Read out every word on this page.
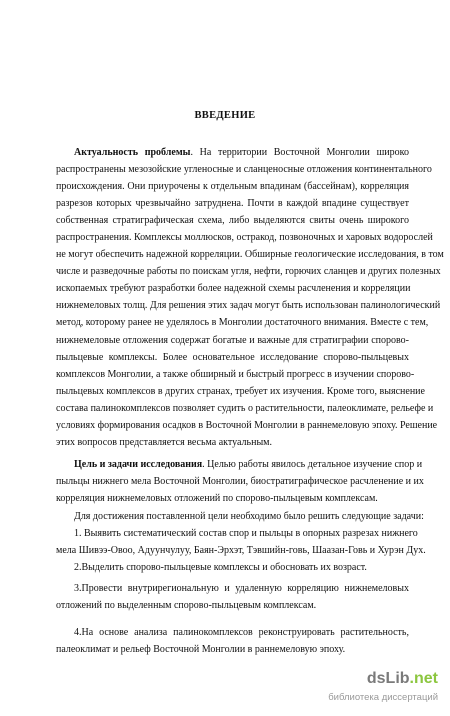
ВВЕДЕНИЕ
Актуальность проблемы. На территории Восточной Монголии широко
распространены мезозойские угленосные и сланценосные отложения континентального
происхождения. Они приурочены к отдельным впадинам (бассейнам), корреляция
разрезов которых чрезвычайно затруднена. Почти в каждой впадине существует
собственная стратиграфическая схема, либо выделяются свиты очень широкого
распространения. Комплексы моллюсков, остракод, позвоночных и харовых водорослей
не могут обеспечить надежной корреляции. Обширные геологические исследования, в том
числе и разведочные работы по поискам угля, нефти, горючих сланцев и других полезных
ископаемых требуют разработки более надежной схемы расчленения и корреляции
нижнемеловых толщ. Для решения этих задач могут быть использован палинологический
метод, которому ранее не уделялось в Монголии достаточного внимания. Вместе с тем,
нижнемеловые отложения содержат богатые и важные для стратиграфии спорово-
пыльцевые комплексы. Более основательное исследование спорово-пыльцевых
комплексов Монголии, а также обширный и быстрый прогресс в изучении спорово-
пыльцевых комплексов в других странах, требует их изучения. Кроме того, выяснение
состава палинокомплексов позволяет судить о растительности, палеоклимате, рельефе и
условиях формирования осадков в Восточной Монголии в раннемеловую эпоху. Решение
этих вопросов представляется весьма актуальным.
Цель и задачи исследования. Целью работы явилось детальное изучение спор и
пыльцы нижнего мела Восточной Монголии, биостратиграфическое расчленение и их
корреляция нижнемеловых отложений по спорово-пыльцевым комплексам.
Для достижения поставленной цели необходимо было решить следующие задачи:
1. Выявить систематический состав спор и пыльцы в опорных разрезах нижнего
мела Шивээ-Овоо, Адуунчулуу, Баян-Эрхэт, Тэвшийн-говь, Шаазан-Говь и Хурэн Дух.
2.Выделить спорово-пыльцевые комплексы и обосновать их возраст.
3.Провести внутрирегиональную и удаленную корреляцию нижнемеловых
отложений по выделенным спорово-пыльцевым комплексам.
4.На основе анализа палинокомплексов реконструировать растительность,
палеоклимат и рельеф Восточной Монголии в раннемеловую эпоху.
dsLib.net
библиотека диссертаций
